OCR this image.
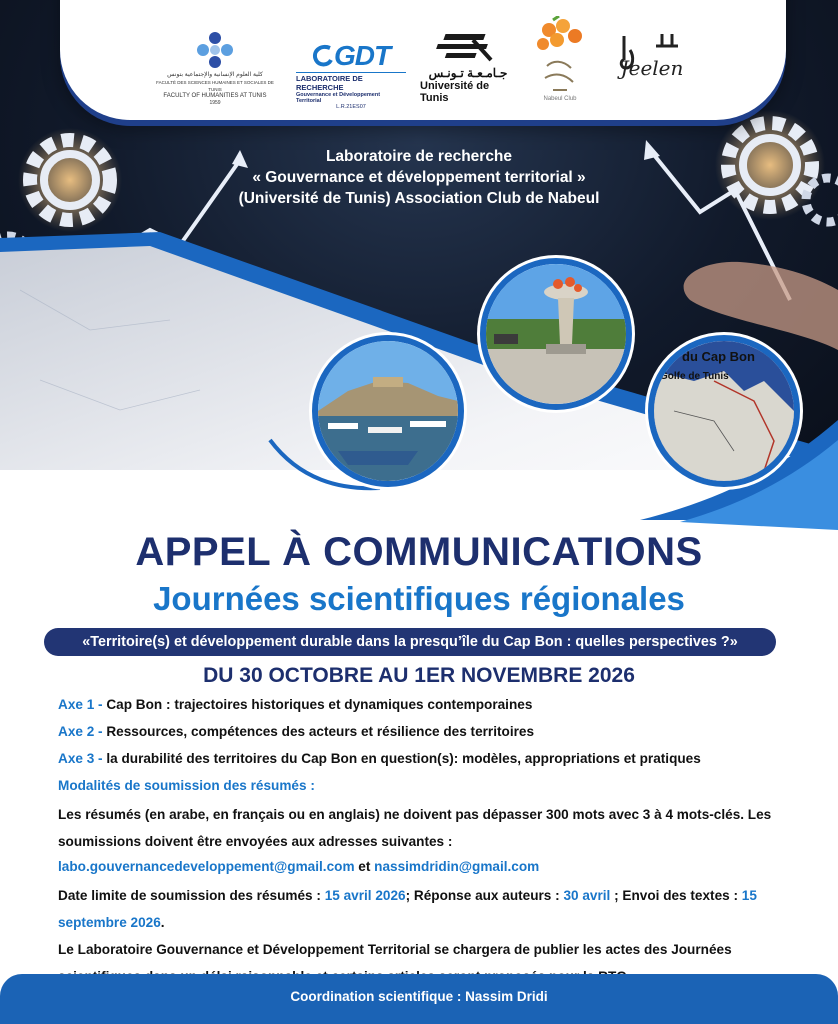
كلية العلوم الإنسانية والإجتماعية بتونس
FACULTÉ DES SCIENCES HUMAINES ET SOCIALES DE TUNIS
FACULTY OF HUMANITIES AT TUNIS
1959
GDT
LABORATOIRE DE RECHERCHE
Gouvernance et Développement Territorial
L.R.21ES07
جـامـعـة تـونـس
Université de Tunis	Nabeul Club
Jeelen
Laboratoire de recherche
« Gouvernance et développement territorial »
(Université de Tunis) Association Club de Nabeul
du Cap Bon
Golfe de Tunis
APPEL À COMMUNICATIONS
Journées scientifiques régionales
«Territoire(s) et développement durable dans la presqu’île du Cap Bon : quelles perspectives ?»
DU 30 OCTOBRE AU 1ER NOVEMBRE 2026
Axe 1 - Cap Bon : trajectoires historiques et dynamiques contemporaines
Axe 2 - Ressources, compétences des acteurs et résilience des territoires
Axe 3 - la durabilité des territoires du Cap Bon en question(s): modèles, appropriations et pratiques
Modalités de soumission des résumés :
Les résumés (en arabe, en français ou en anglais) ne doivent pas dépasser 300 mots avec 3 à 4 mots-clés. Les soumissions doivent être envoyées aux adresses suivantes :
labo.gouvernancedeveloppement@gmail.com et nassimdridin@gmail.com
Date limite de soumission des résumés : 15 avril 2026; Réponse aux auteurs : 30 avril ; Envoi des textes : 15 septembre 2026.
Le Laboratoire Gouvernance et Développement Territorial se chargera de publier les actes des Journées
Coordination scientifique : Nassim Dridi
